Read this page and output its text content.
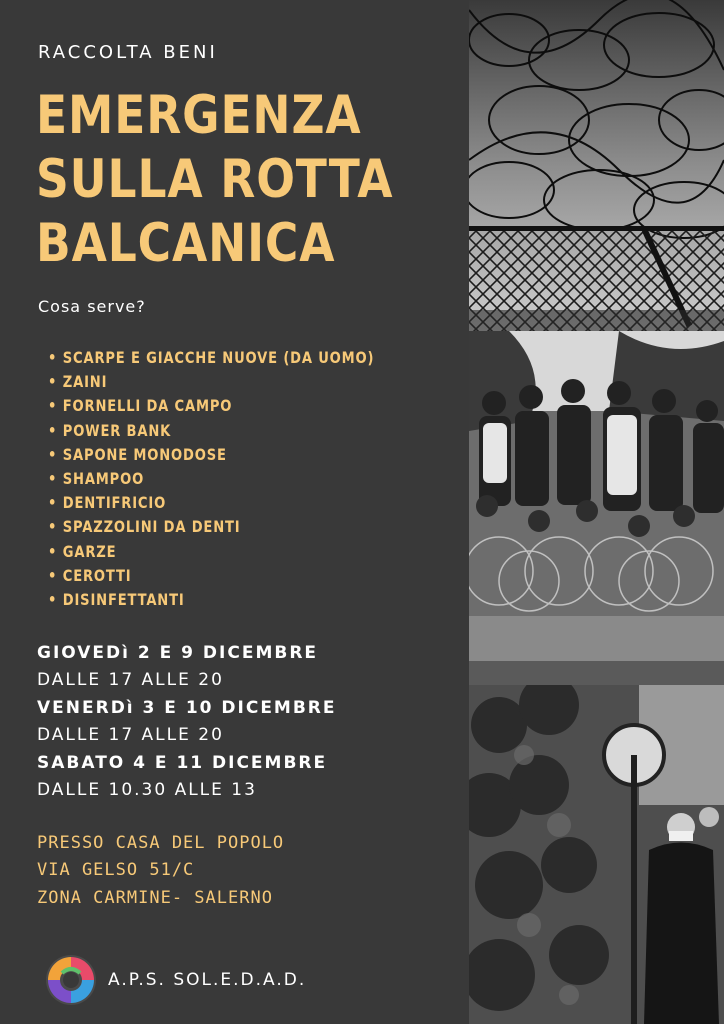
RACCOLTA BENI
EMERGENZA
SULLA ROTTA
BALCANICA
Cosa serve?
• SCARPE E GIACCHE NUOVE (DA UOMO)
• ZAINI
• FORNELLI DA CAMPO
• POWER BANK
• SAPONE MONODOSE
• SHAMPOO
• DENTIFRICIO
• SPAZZOLINI DA DENTI
• GARZE
• CEROTTI
• DISINFETTANTI
GIOVEDì 2 E 9 DICEMBRE
DALLE 17 ALLE 20
VENERDì 3 E 10 DICEMBRE
DALLE 17 ALLE 20
SABATO 4 E 11 DICEMBRE
DALLE 10.30 ALLE 13
PRESSO CASA DEL POPOLO
VIA GELSO 51/C
ZONA CARMINE- SALERNO
A.P.S. SOL.E.D.A.D.
